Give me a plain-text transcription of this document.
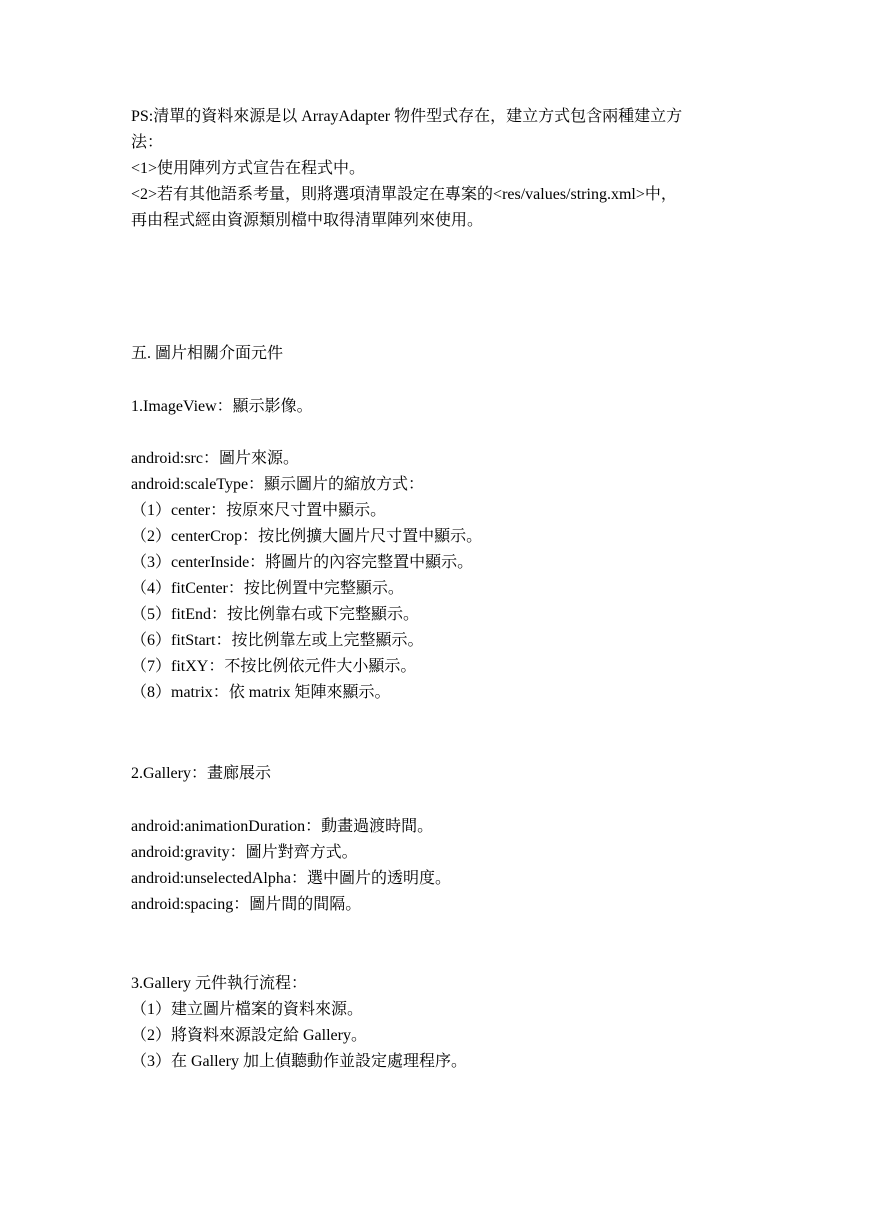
PS:清單的資料來源是以 ArrayAdapter 物件型式存在，建立方式包含兩種建立方
法：
<1>使用陣列方式宣告在程式中。
<2>若有其他語系考量，則將選項清單設定在專案的<res/values/string.xml>中，
再由程式經由資源類別檔中取得清單陣列來使用。
五. 圖片相關介面元件
1.ImageView：顯示影像。
android:src：圖片來源。
android:scaleType：顯示圖片的縮放方式：
（1）center：按原來尺寸置中顯示。
（2）centerCrop：按比例擴大圖片尺寸置中顯示。
（3）centerInside：將圖片的內容完整置中顯示。
（4）fitCenter：按比例置中完整顯示。
（5）fitEnd：按比例靠右或下完整顯示。
（6）fitStart：按比例靠左或上完整顯示。
（7）fitXY：不按比例依元件大小顯示。
（8）matrix：依 matrix 矩陣來顯示。
2.Gallery：畫廊展示
android:animationDuration：動畫過渡時間。
android:gravity：圖片對齊方式。
android:unselectedAlpha：選中圖片的透明度。
android:spacing：圖片間的間隔。
3.Gallery 元件執行流程：
（1）建立圖片檔案的資料來源。
（2）將資料來源設定給 Gallery。
（3）在 Gallery 加上偵聽動作並設定處理程序。
